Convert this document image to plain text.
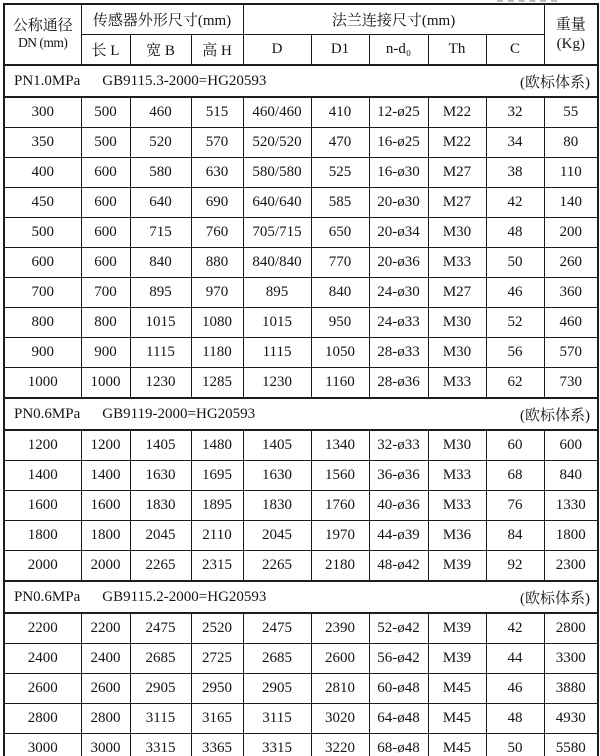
公称通径
DN (mm)
	传感器外形尺寸(mm)	法兰连接尺寸(mm)	重量
(Kg)

	长 L	宽 B	高 H	D	D1	n-d₀	Th	C	

PN1.0MPa GB9115.3-2000=HG20593 (欧标体系)									

300	500	460	515	460/460	410	12-ø25	M22	32	55
350	500	520	570	520/520	470	16-ø25	M22	34	80
400	600	580	630	580/580	525	16-ø30	M27	38	110
450	600	640	690	640/640	585	20-ø30	M27	42	140
500	600	715	760	705/715	650	20-ø34	M30	48	200
600	600	840	880	840/840	770	20-ø36	M33	50	260
700	700	895	970	895	840	24-ø30	M27	46	360
800	800	1015	1080	1015	950	24-ø33	M30	52	460
900	900	1115	1180	1115	1050	28-ø33	M30	56	570
1000	1000	1230	1285	1230	1160	28-ø36	M33	62	730

PN0.6MPa GB9119-2000=HG20593 (欧标体系)									

1200	1200	1405	1480	1405	1340	32-ø33	M30	60	600
1400	1400	1630	1695	1630	1560	36-ø36	M33	68	840
1600	1600	1830	1895	1830	1760	40-ø36	M33	76	1330
1800	1800	2045	2110	2045	1970	44-ø39	M36	84	1800
2000	2000	2265	2315	2265	2180	48-ø42	M39	92	2300

PN0.6MPa GB9115.2-2000=HG20593 (欧标体系)									

2200	2200	2475	2520	2475	2390	52-ø42	M39	42	2800
2400	2400	2685	2725	2685	2600	56-ø42	M39	44	3300
2600	2600	2905	2950	2905	2810	60-ø48	M45	46	3880
2800	2800	3115	3165	3115	3020	64-ø48	M45	48	4930
3000	3000	3315	3365	3315	3220	68-ø48	M45	50	5580
